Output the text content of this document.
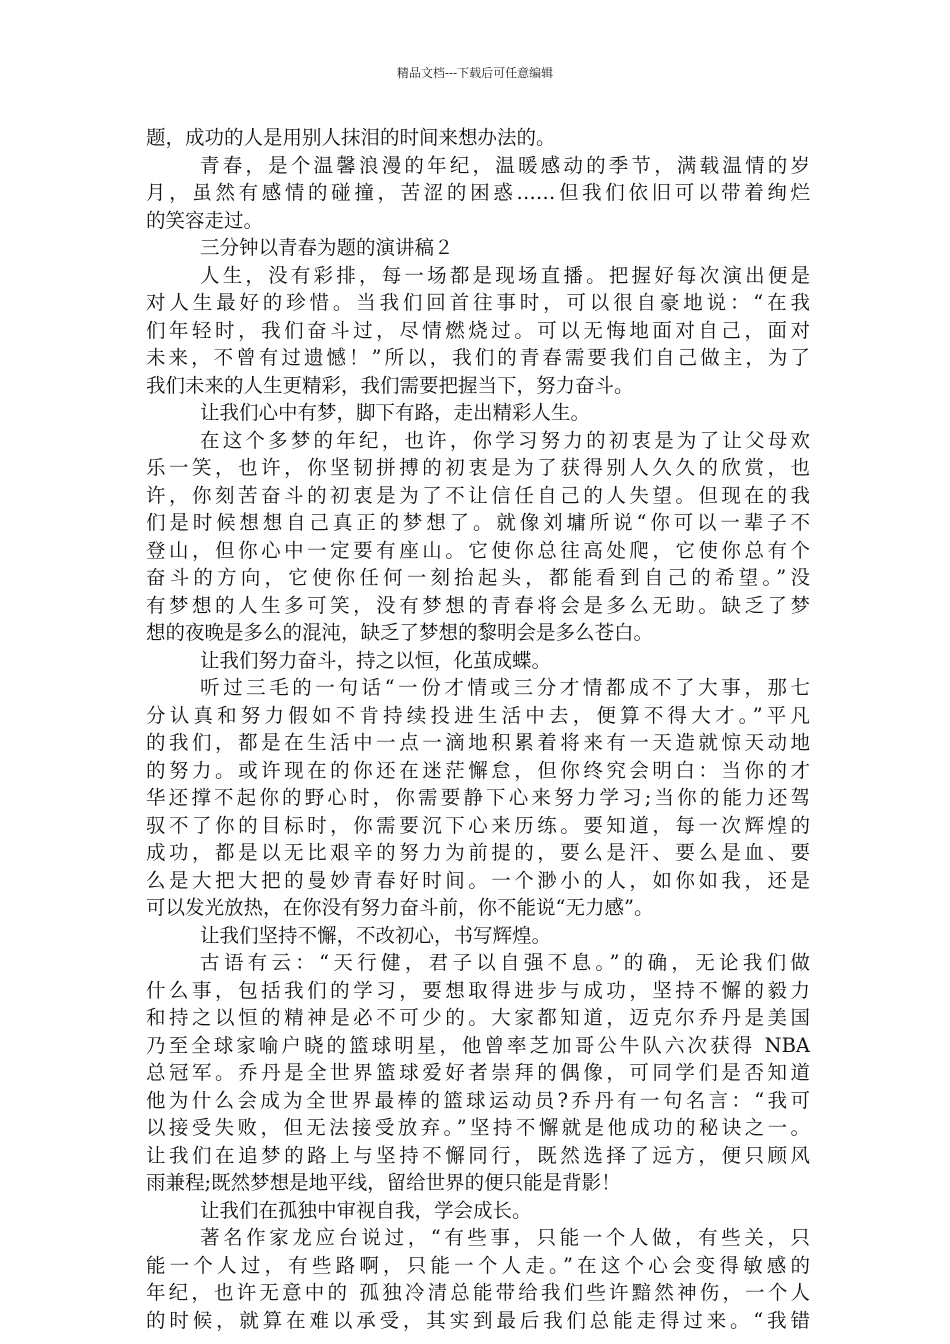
精品文档---下载后可任意编辑
题，成功的人是用别人抹泪的时间来想办法的。
青春，是个温馨浪漫的年纪，温暖感动的季节，满载温情的岁
月，虽然有感情的碰撞，苦涩的困惑……但我们依旧可以带着绚烂
的笑容走过。
三分钟以青春为题的演讲稿２
人生，没有彩排，每一场都是现场直播。把握好每次演出便是
对人生最好的珍惜。当我们回首往事时，可以很自豪地说：“在我
们年轻时，我们奋斗过，尽情燃烧过。可以无悔地面对自己，面对
未来，不曾有过遗憾！”所以，我们的青春需要我们自己做主，为了
我们未来的人生更精彩，我们需要把握当下，努力奋斗。
让我们心中有梦，脚下有路，走出精彩人生。
在这个多梦的年纪，也许，你学习努力的初衷是为了让父母欢
乐一笑，也许，你坚韧拼搏的初衷是为了获得别人久久的欣赏，也
许，你刻苦奋斗的初衷是为了不让信任自己的人失望。但现在的我
们是时候想想自己真正的梦想了。就像刘墉所说“你可以一辈子不
登山，但你心中一定要有座山。它使你总往高处爬，它使你总有个
奋斗的方向，它使你任何一刻抬起头，都能看到自己的希望。”没
有梦想的人生多可笑，没有梦想的青春将会是多么无助。缺乏了梦
想的夜晚是多么的混沌，缺乏了梦想的黎明会是多么苍白。
让我们努力奋斗，持之以恒，化茧成蝶。
听过三毛的一句话“一份才情或三分才情都成不了大事，那七
分认真和努力假如不肯持续投进生活中去，便算不得大才。”平凡
的我们，都是在生活中一点一滴地积累着将来有一天造就惊天动地
的努力。或许现在的你还在迷茫懈怠，但你终究会明白：当你的才
华还撑不起你的野心时，你需要静下心来努力学习;当你的能力还驾
驭不了你的目标时，你需要沉下心来历练。要知道，每一次辉煌的
成功，都是以无比艰辛的努力为前提的，要么是汗、要么是血、要
么是大把大把的曼妙青春好时间。一个渺小的人，如你如我，还是
可以发光放热，在你没有努力奋斗前，你不能说“无力感”。
让我们坚持不懈，不改初心，书写辉煌。
古语有云：“天行健，君子以自强不息。”的确，无论我们做
什么事，包括我们的学习，要想取得进步与成功，坚持不懈的毅力
和持之以恒的精神是必不可少的。大家都知道，迈克尔乔丹是美国
乃至全球家喻户晓的篮球明星，他曾率芝加哥公牛队六次获得 NBA
总冠军。乔丹是全世界篮球爱好者崇拜的偶像，可同学们是否知道
他为什么会成为全世界最棒的篮球运动员?乔丹有一句名言：“我可
以接受失败，但无法接受放弃。”坚持不懈就是他成功的秘诀之一。
让我们在追梦的路上与坚持不懈同行，既然选择了远方，便只顾风
雨兼程;既然梦想是地平线，留给世界的便只能是背影！
让我们在孤独中审视自我，学会成长。
著名作家龙应台说过，“有些事，只能一个人做，有些关，只
能一个人过，有些路啊，只能一个人走。”在这个心会变得敏感的
年纪，也许无意中的 孤独冷清总能带给我们些许黯然神伤，一个人
的时候，就算在难以承受，其实到最后我们总能走得过来。“我错
